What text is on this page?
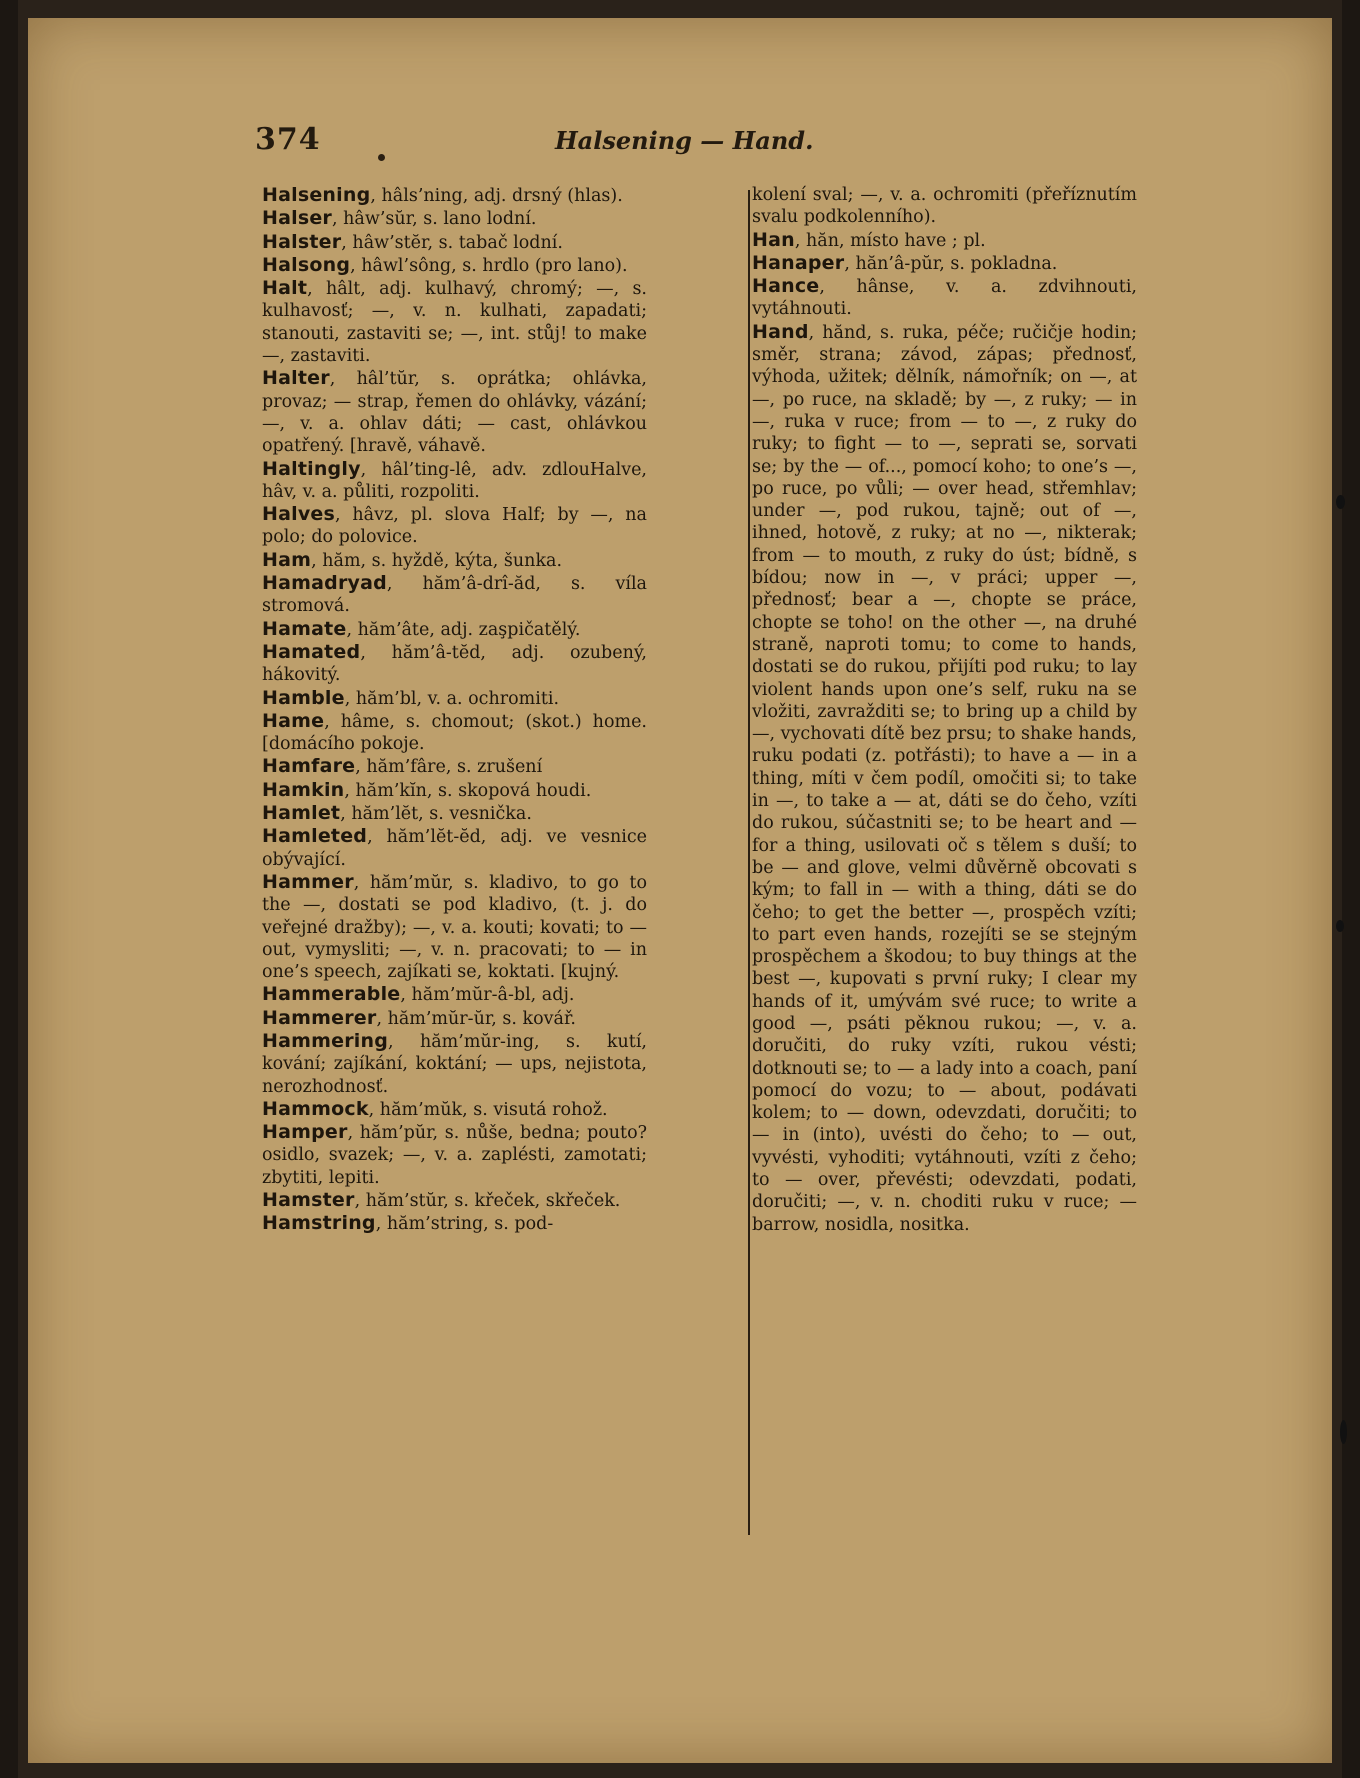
374	Halsening — Hand.

Halsening, hâls’ning, adj. drsný (hlas).

Halser, hâw’sŭr, s. lano lodní.

Halster, hâw’stĕr, s. tabač lodní.

Halsong, hâwl’sông, s. hrdlo (pro lano).

Halt, hâlt, adj. kulhavý, chromý; —, s. kulhavosť; —, v. n. kulhati, zapadati; stanouti, zastaviti se; —, int. stůj! to make —, zastaviti.

Halter, hâl’tŭr, s. oprátka; ohlávka, provaz; — strap, řemen do ohlávky, vázání; —, v. a. ohlav dáti; — cast, ohlávkou opatřený. [hravě, váhavě.

Haltingly, hâl’ting-lê, adv. zdlouHalve, hâv, v. a. půliti, rozpoliti.

Halves, hâvz, pl. slova Half; by —, na polo; do polovice.

Ham, hăm, s. hyždě, kýta, šunka.

Hamadryad, hăm’â-drî-ăd, s. víla stromová.

Hamate, hăm’âte, adj. zaşpičatělý.

Hamated, hăm’â-tĕd, adj. ozubený, hákovitý.

Hamble, hăm’bl, v. a. ochromiti.

Hame, hâme, s. chomout; (skot.) home. [domácího pokoje.

Hamfare, hăm’fâre, s. zrušení

Hamkin, hăm’kĭn, s. skopová houdi.

Hamlet, hăm’lĕt, s. vesnička.

Hamleted, hăm’lĕt-ĕd, adj. ve vesnice obývající.

Hammer, hăm’mŭr, s. kladivo, to go to the —, dostati se pod kladivo, (t. j. do veřejné dražby); —, v. a. kouti; kovati; to — out, vymysliti; —, v. n. pracovati; to — in one’s speech, zajíkati se, koktati. [kujný.

Hammerable, hăm’mŭr-â-bl, adj.

Hammerer, hăm’mŭr-ŭr, s. kovář.

Hammering, hăm’mŭr-ing, s. kutí, kování; zajíkání, koktání; — ups, nejistota, nerozhodnosť.

Hammock, hăm’mŭk, s. visutá rohož.

Hamper, hăm’pŭr, s. nůše, bedna; pouto? osidlo, svazek; —, v. a. zaplésti, zamotati; zbytiti, lepiti.

Hamster, hăm’stŭr, s. křeček, skřeček.

Hamstring, hăm’string, s. pod-

kolení sval; —, v. a. ochromiti (přeříznutím svalu podkolenního).

Han, hăn, místo have ; pl.

Hanaper, hăn’â-pŭr, s. pokladna.

Hance, hânse, v. a. zdvihnouti, vytáhnouti.

Hand, hănd, s. ruka, péče; ručičje hodin; směr, strana; závod, zápas; přednosť, výhoda, užitek; dělník, námořník; on —, at —, po ruce, na skladě; by —, z ruky; — in —, ruka v ruce; from — to —, z ruky do ruky; to fight — to —, seprati se, sorvati se; by the — of..., pomocí koho; to one’s —, po ruce, po vůli; — over head, střemhlav; under —, pod rukou, tajně; out of —, ihned, hotově, z ruky; at no —, nikterak; from — to mouth, z ruky do úst; bídně, s bídou; now in —, v práci; upper —, přednosť; bear a —, chopte se práce, chopte se toho! on the other —, na druhé straně, naproti tomu; to come to hands, dostati se do rukou, přijíti pod ruku; to lay violent hands upon one’s self, ruku na se vložiti, zavražditi se; to bring up a child by —, vychovati dítě bez prsu; to shake hands, ruku podati (z. potřásti); to have a — in a thing, míti v čem podíl, omočiti si; to take in —, to take a — at, dáti se do čeho, vzíti do rukou, súčastniti se; to be heart and — for a thing, usilovati oč s tělem s duší; to be — and glove, velmi důvěrně obcovati s kým; to fall in — with a thing, dáti se do čeho; to get the better —, prospěch vzíti; to part even hands, rozejíti se se stejným prospěchem a škodou; to buy things at the best —, kupovati s první ruky; I clear my hands of it, umývám své ruce; to write a good —, psáti pěknou rukou; —, v. a. doručiti, do ruky vzíti, rukou vésti; dotknouti se; to — a lady into a coach, paní pomocí do vozu; to — about, podávati kolem; to — down, odevzdati, doručiti; to — in (into), uvésti do čeho; to — out, vyvésti, vyhoditi; vytáhnouti, vzíti z čeho; to — over, převésti; odevzdati, podati, doručiti; —, v. n. choditi ruku v ruce; — barrow, nosidla, nositka.
